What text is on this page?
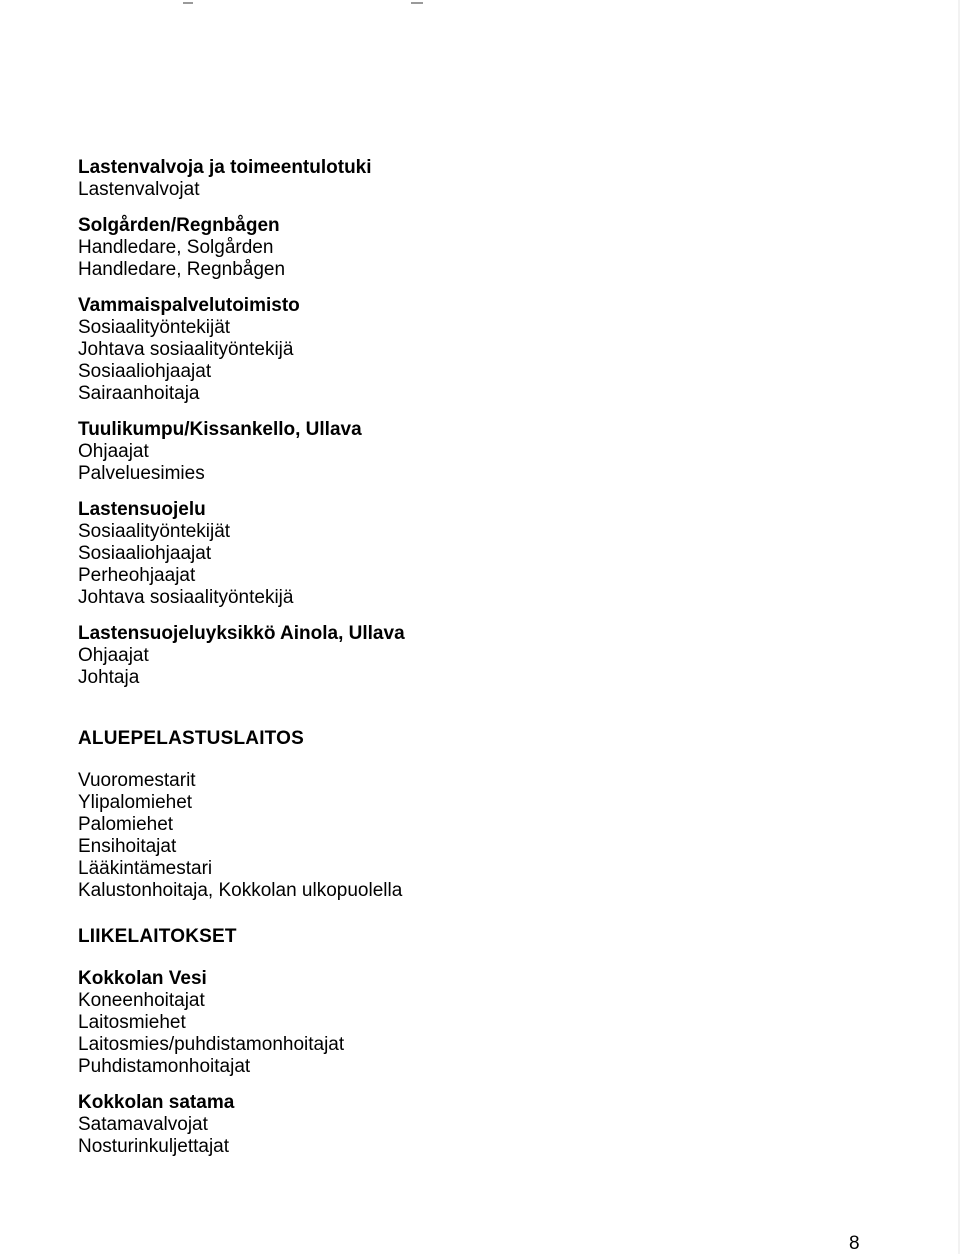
Lastenvalvoja ja toimeentulotuki

Lastenvalvojat

Solgården/Regnbågen

Handledare, Solgården

Handledare, Regnbågen

Vammaispalvelutoimisto

Sosiaalityöntekijät

Johtava sosiaalityöntekijä

Sosiaaliohjaajat

Sairaanhoitaja

Tuulikumpu/Kissankello, Ullava

Ohjaajat

Palveluesimies

Lastensuojelu

Sosiaalityöntekijät

Sosiaaliohjaajat

Perheohjaajat

Johtava sosiaalityöntekijä

Lastensuojeluyksikkö Ainola, Ullava

Ohjaajat

Johtaja

ALUEPELASTUSLAITOS

Vuoromestarit

Ylipalomiehet

Palomiehet

Ensihoitajat

Lääkintämestari

Kalustonhoitaja, Kokkolan ulkopuolella

LIIKELAITOKSET

Kokkolan Vesi

Koneenhoitajat

Laitosmiehet

Laitosmies/puhdistamonhoitajat

Puhdistamonhoitajat

Kokkolan satama

Satamavalvojat

Nosturinkuljettajat

8
